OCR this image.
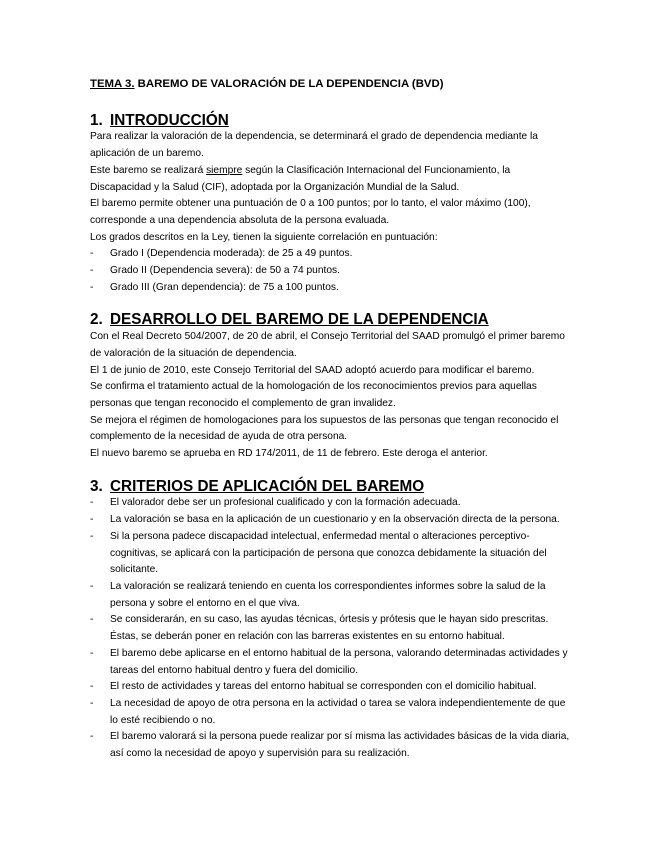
TEMA 3. BAREMO DE VALORACIÓN DE LA DEPENDENCIA (BVD)
1. INTRODUCCIÓN

Para realizar la valoración de la dependencia, se determinará el grado de dependencia mediante la aplicación de un baremo.

Este baremo se realizará siempre según la Clasificación Internacional del Funcionamiento, la Discapacidad y la Salud (CIF), adoptada por la Organización Mundial de la Salud.

El baremo permite obtener una puntuación de 0 a 100 puntos; por lo tanto, el valor máximo (100), corresponde a una dependencia absoluta de la persona evaluada.

Los grados descritos en la Ley, tienen la siguiente correlación en puntuación:

- Grado I (Dependencia moderada): de 25 a 49 puntos.
- Grado II (Dependencia severa): de 50 a 74 puntos.
- Grado III (Gran dependencia): de 75 a 100 puntos.
2. DESARROLLO DEL BAREMO DE LA DEPENDENCIA

Con el Real Decreto 504/2007, de 20 de abril, el Consejo Territorial del SAAD promulgó el primer baremo de valoración de la situación de dependencia.

El 1 de junio de 2010, este Consejo Territorial del SAAD adoptó acuerdo para modificar el baremo.

Se confirma el tratamiento actual de la homologación de los reconocimientos previos para aquellas personas que tengan reconocido el complemento de gran invalidez.

Se mejora el régimen de homologaciones para los supuestos de las personas que tengan reconocido el complemento de la necesidad de ayuda de otra persona.

El nuevo baremo se aprueba en RD 174/2011, de 11 de febrero. Este deroga el anterior.

3. CRITERIOS DE APLICACIÓN DEL BAREMO
- El valorador debe ser un profesional cualificado y con la formación adecuada.
- La valoración se basa en la aplicación de un cuestionario y en la observación directa de la persona.
- Si la persona padece discapacidad intelectual, enfermedad mental o alteraciones perceptivo-cognitivas, se aplicará con la participación de persona que conozca debidamente la situación del solicitante.
- La valoración se realizará teniendo en cuenta los correspondientes informes sobre la salud de la persona y sobre el entorno en el que viva.
- Se considerarán, en su caso, las ayudas técnicas, órtesis y prótesis que le hayan sido prescritas. Éstas, se deberán poner en relación con las barreras existentes en su entorno habitual.
- El baremo debe aplicarse en el entorno habitual de la persona, valorando determinadas actividades y tareas del entorno habitual dentro y fuera del domicilio.
- El resto de actividades y tareas del entorno habitual se corresponden con el domicilio habitual.
- La necesidad de apoyo de otra persona en la actividad o tarea se valora independientemente de que lo esté recibiendo o no.
- El baremo valorará si la persona puede realizar por sí misma las actividades básicas de la vida diaria, así como la necesidad de apoyo y supervisión para su realización.
